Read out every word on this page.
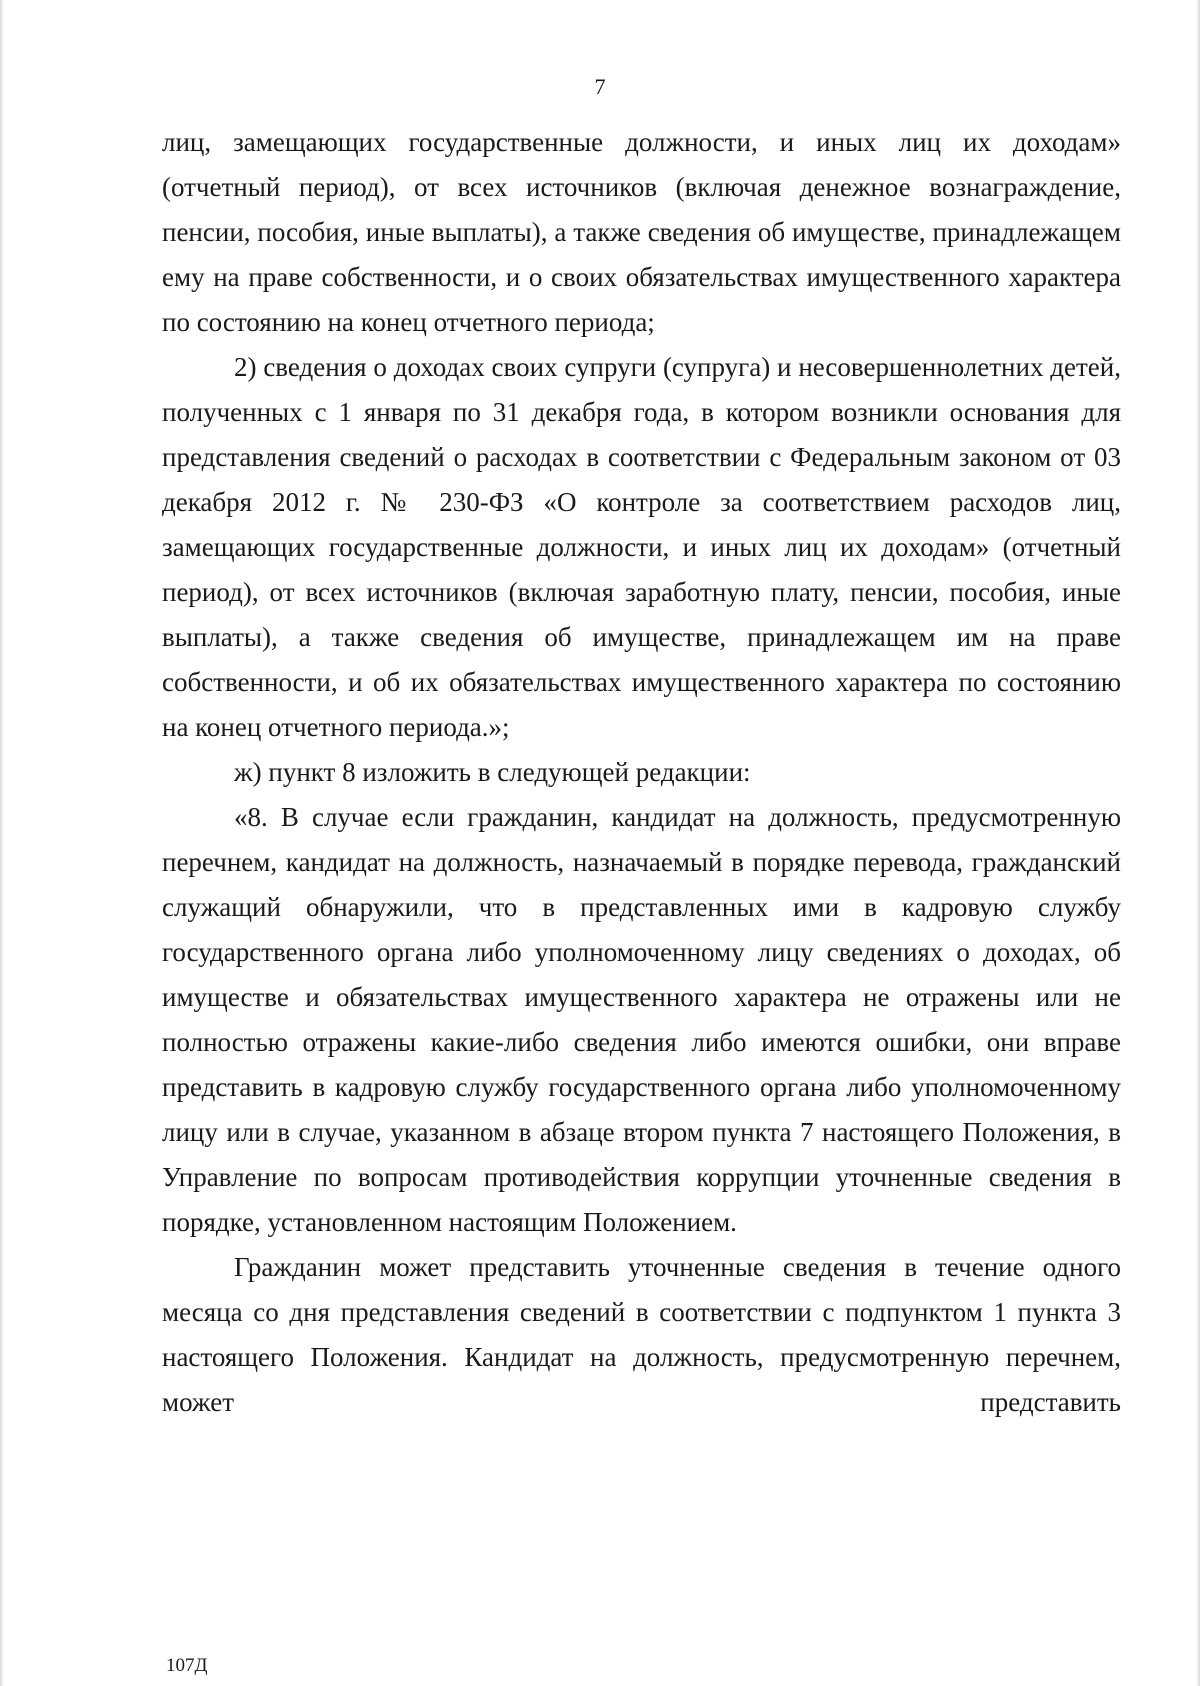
7

лиц, замещающих государственные должности, и иных лиц их доходам» (отчетный период), от всех источников (включая денежное вознаграждение, пенсии, пособия, иные выплаты), а также сведения об имуществе, принадлежащем ему на праве собственности, и о своих обязательствах имущественного характера по состоянию на конец отчетного периода;

2) сведения о доходах своих супруги (супруга) и несовершеннолетних детей, полученных с 1 января по 31 декабря года, в котором возникли основания для представления сведений о расходах в соответствии с Федеральным законом от 03 декабря 2012 г. № 230-ФЗ «О контроле за соответствием расходов лиц, замещающих государственные должности, и иных лиц их доходам» (отчетный период), от всех источников (включая заработную плату, пенсии, пособия, иные выплаты), а также сведения об имуществе, принадлежащем им на праве собственности, и об их обязательствах имущественного характера по состоянию на конец отчетного периода.»;

ж) пункт 8 изложить в следующей редакции:

«8. В случае если гражданин, кандидат на должность, предусмотренную перечнем, кандидат на должность, назначаемый в порядке перевода, гражданский служащий обнаружили, что в представленных ими в кадровую службу государственного органа либо уполномоченному лицу сведениях о доходах, об имуществе и обязательствах имущественного характера не отражены или не полностью отражены какие-либо сведения либо имеются ошибки, они вправе представить в кадровую службу государственного органа либо уполномоченному лицу или в случае, указанном в абзаце втором пункта 7 настоящего Положения, в Управление по вопросам противодействия коррупции уточненные сведения в порядке, установленном настоящим Положением.

Гражданин может представить уточненные сведения в течение одного месяца со дня представления сведений в соответствии с подпунктом 1 пункта 3 настоящего Положения. Кандидат на должность, предусмотренную перечнем, может представить

107Д
